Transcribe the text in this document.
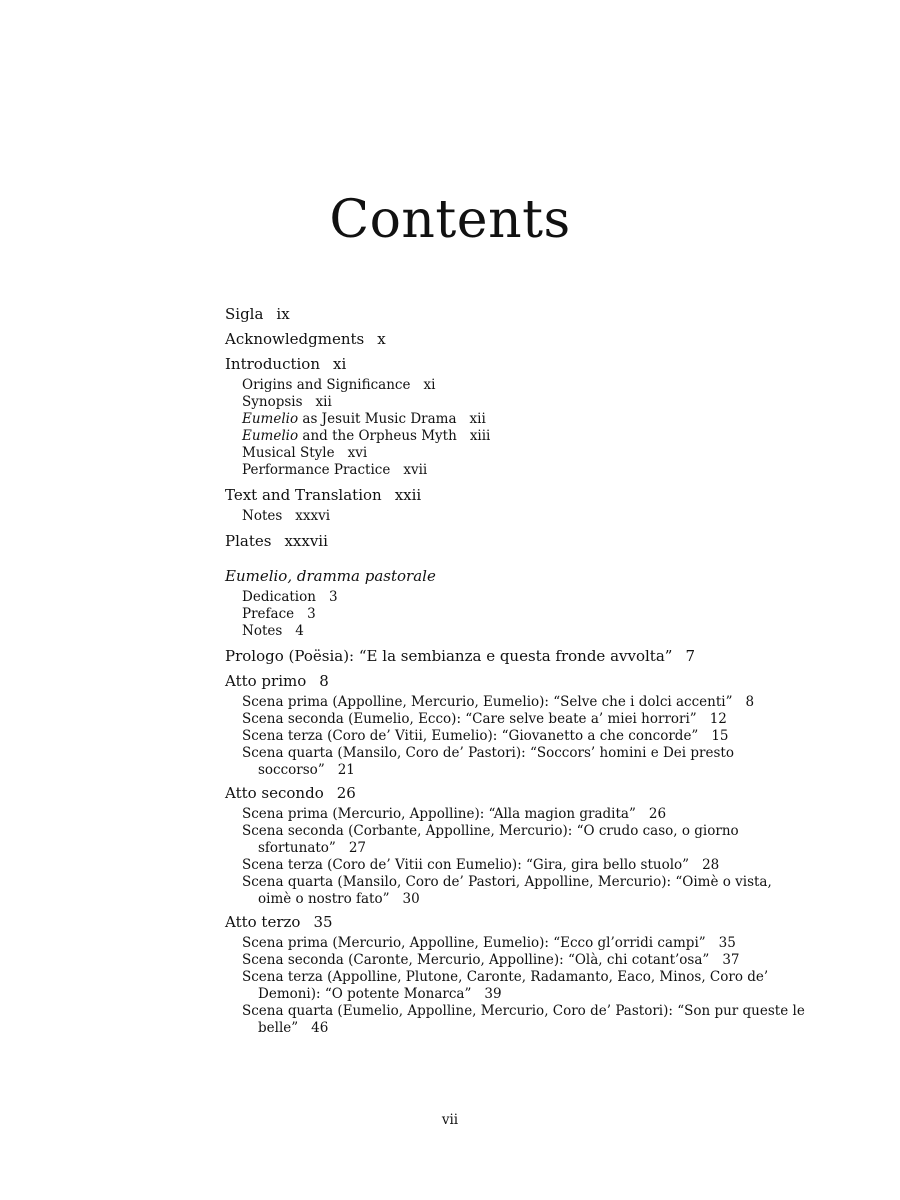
Contents
Sigla ix
Acknowledgments x
Introduction xi
Origins and Significance xi
Synopsis xii
Eumelio as Jesuit Music Drama xii
Eumelio and the Orpheus Myth xiii
Musical Style xvi
Performance Practice xvii
Text and Translation xxii
Notes xxxvi
Plates xxxvii
Eumelio, dramma pastorale
Dedication 3
Preface 3
Notes 4
Prologo (Poësia): “E la sembianza e questa fronde avvolta” 7
Atto primo 8
Scena prima (Appolline, Mercurio, Eumelio): “Selve che i dolci accenti” 8
Scena seconda (Eumelio, Ecco): “Care selve beate a’ miei horrori” 12
Scena terza (Coro de’ Vitii, Eumelio): “Giovanetto a che concorde” 15
Scena quarta (Mansilo, Coro de’ Pastori): “Soccors’ homini e Dei presto soccorso” 21
Atto secondo 26
Scena prima (Mercurio, Appolline): “Alla magion gradita” 26
Scena seconda (Corbante, Appolline, Mercurio): “O crudo caso, o giorno sfortunato” 27
Scena terza (Coro de’ Vitii con Eumelio): “Gira, gira bello stuolo” 28
Scena quarta (Mansilo, Coro de’ Pastori, Appolline, Mercurio): “Oimè o vista, oimè o nostro fato” 30
Atto terzo 35
Scena prima (Mercurio, Appolline, Eumelio): “Ecco gl’orridi campi” 35
Scena seconda (Caronte, Mercurio, Appolline): “Olà, chi cotant’osa” 37
Scena terza (Appolline, Plutone, Caronte, Radamanto, Eaco, Minos, Coro de’ Demoni): “O potente Monarca” 39
Scena quarta (Eumelio, Appolline, Mercurio, Coro de’ Pastori): “Son pur queste le belle” 46
vii
